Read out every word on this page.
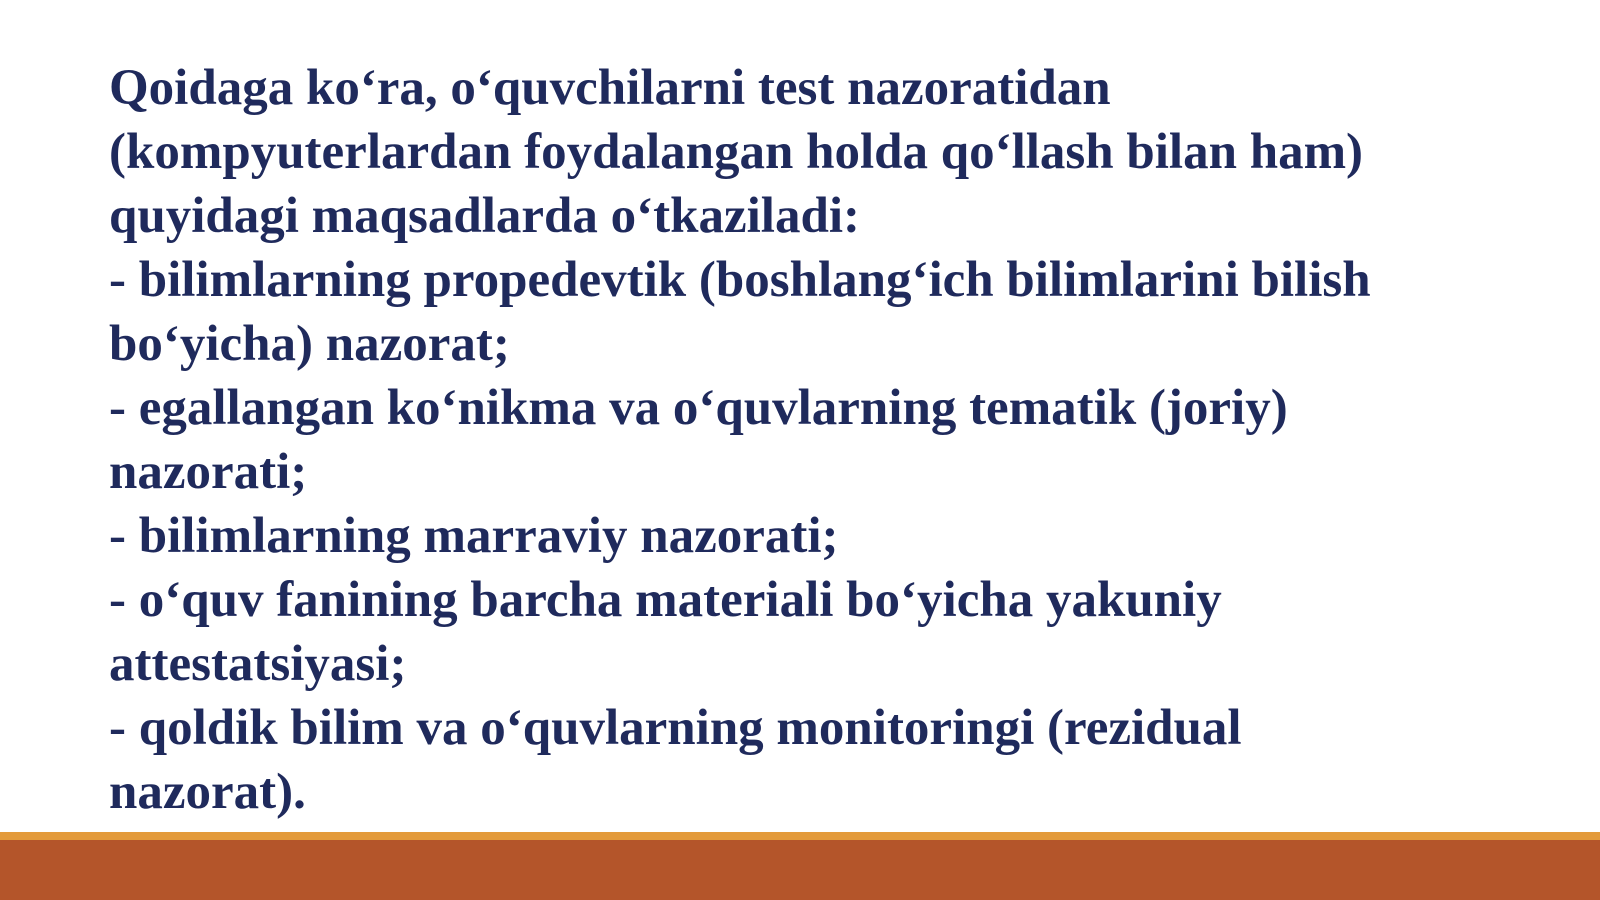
Qoidaga ko‘ra, o‘quvchilarni test nazoratidan
(kompyuterlardan foydalangan holda qo‘llash bilan ham)
quyidagi maqsadlarda o‘tkaziladi:
- bilimlarning propedevtik (boshlang‘ich bilimlarini bilish
bo‘yicha) nazorat;
- egallangan ko‘nikma va o‘quvlarning tematik (joriy)
nazorati;
- bilimlarning marraviy nazorati;
- o‘quv fanining barcha materiali bo‘yicha yakuniy
attestatsiyasi;
- qoldik bilim va o‘quvlarning monitoringi (rezidual
nazorat).
